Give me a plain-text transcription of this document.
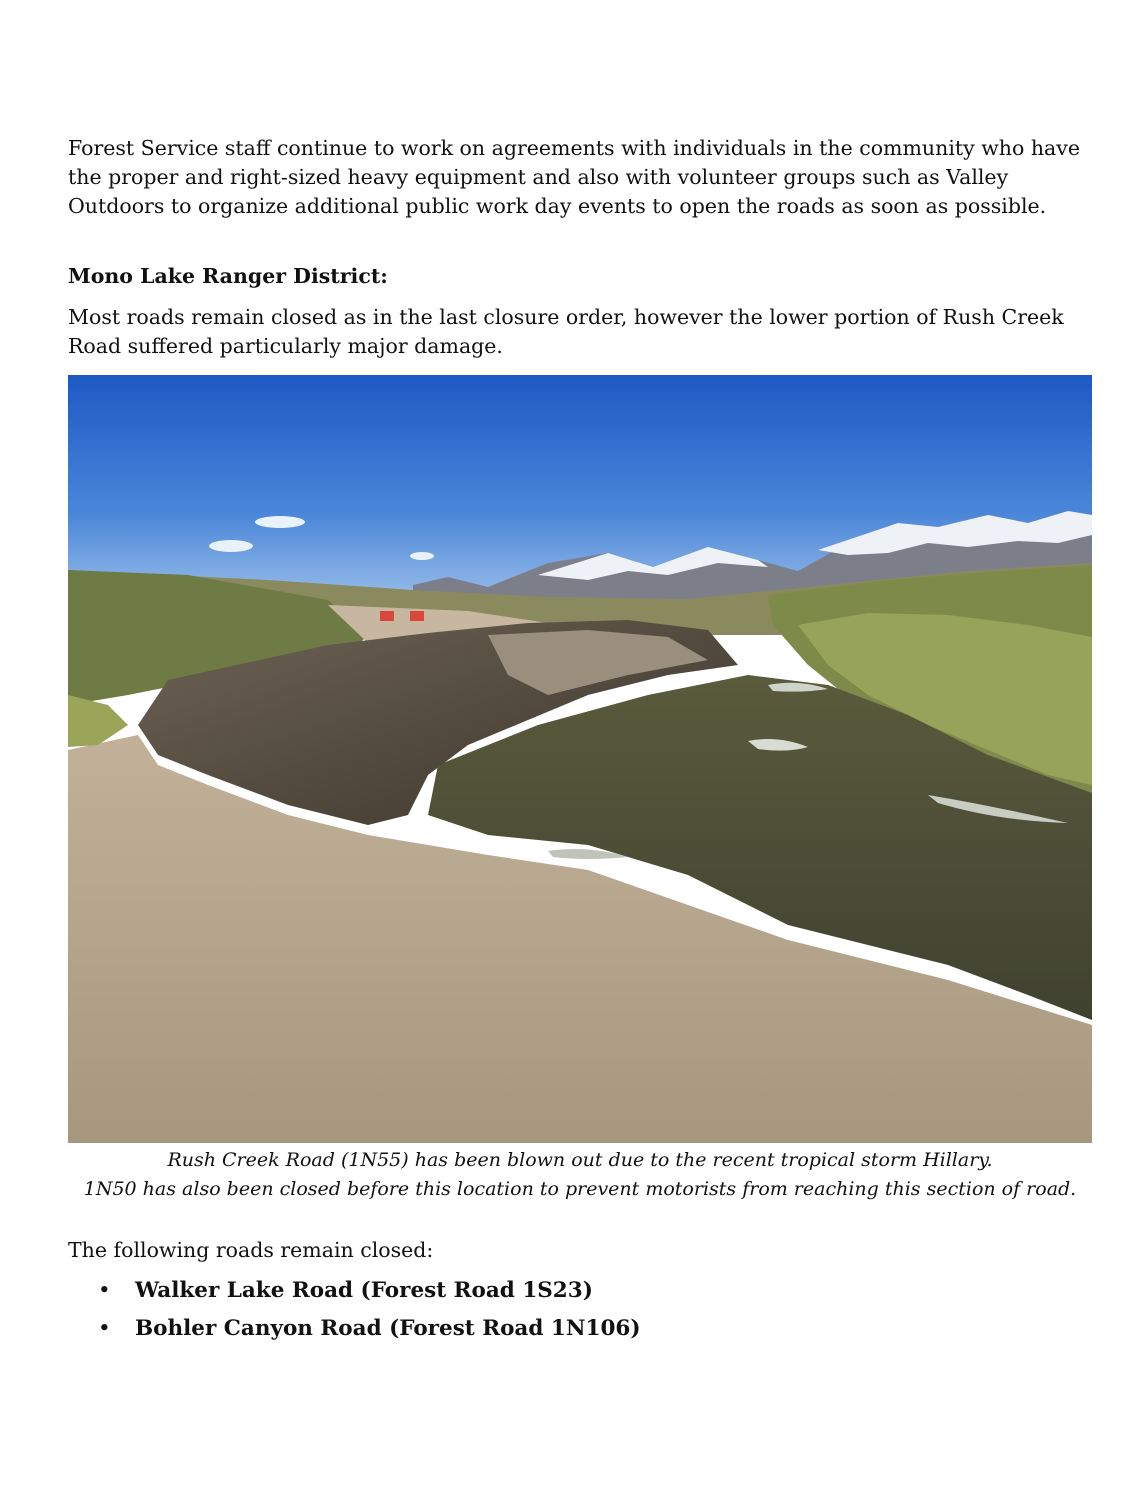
Forest Service staff continue to work on agreements with individuals in the community who have the proper and right-sized heavy equipment and also with volunteer groups such as Valley Outdoors to organize additional public work day events to open the roads as soon as possible.

Mono Lake Ranger District:

Most roads remain closed as in the last closure order, however the lower portion of Rush Creek Road suffered particularly major damage.

Rush Creek Road (1N55) has been blown out due to the recent tropical storm Hillary.
1N50 has also been closed before this location to prevent motorists from reaching this section of road.

The following roads remain closed:

• Walker Lake Road (Forest Road 1S23)
• Bohler Canyon Road (Forest Road 1N106)
